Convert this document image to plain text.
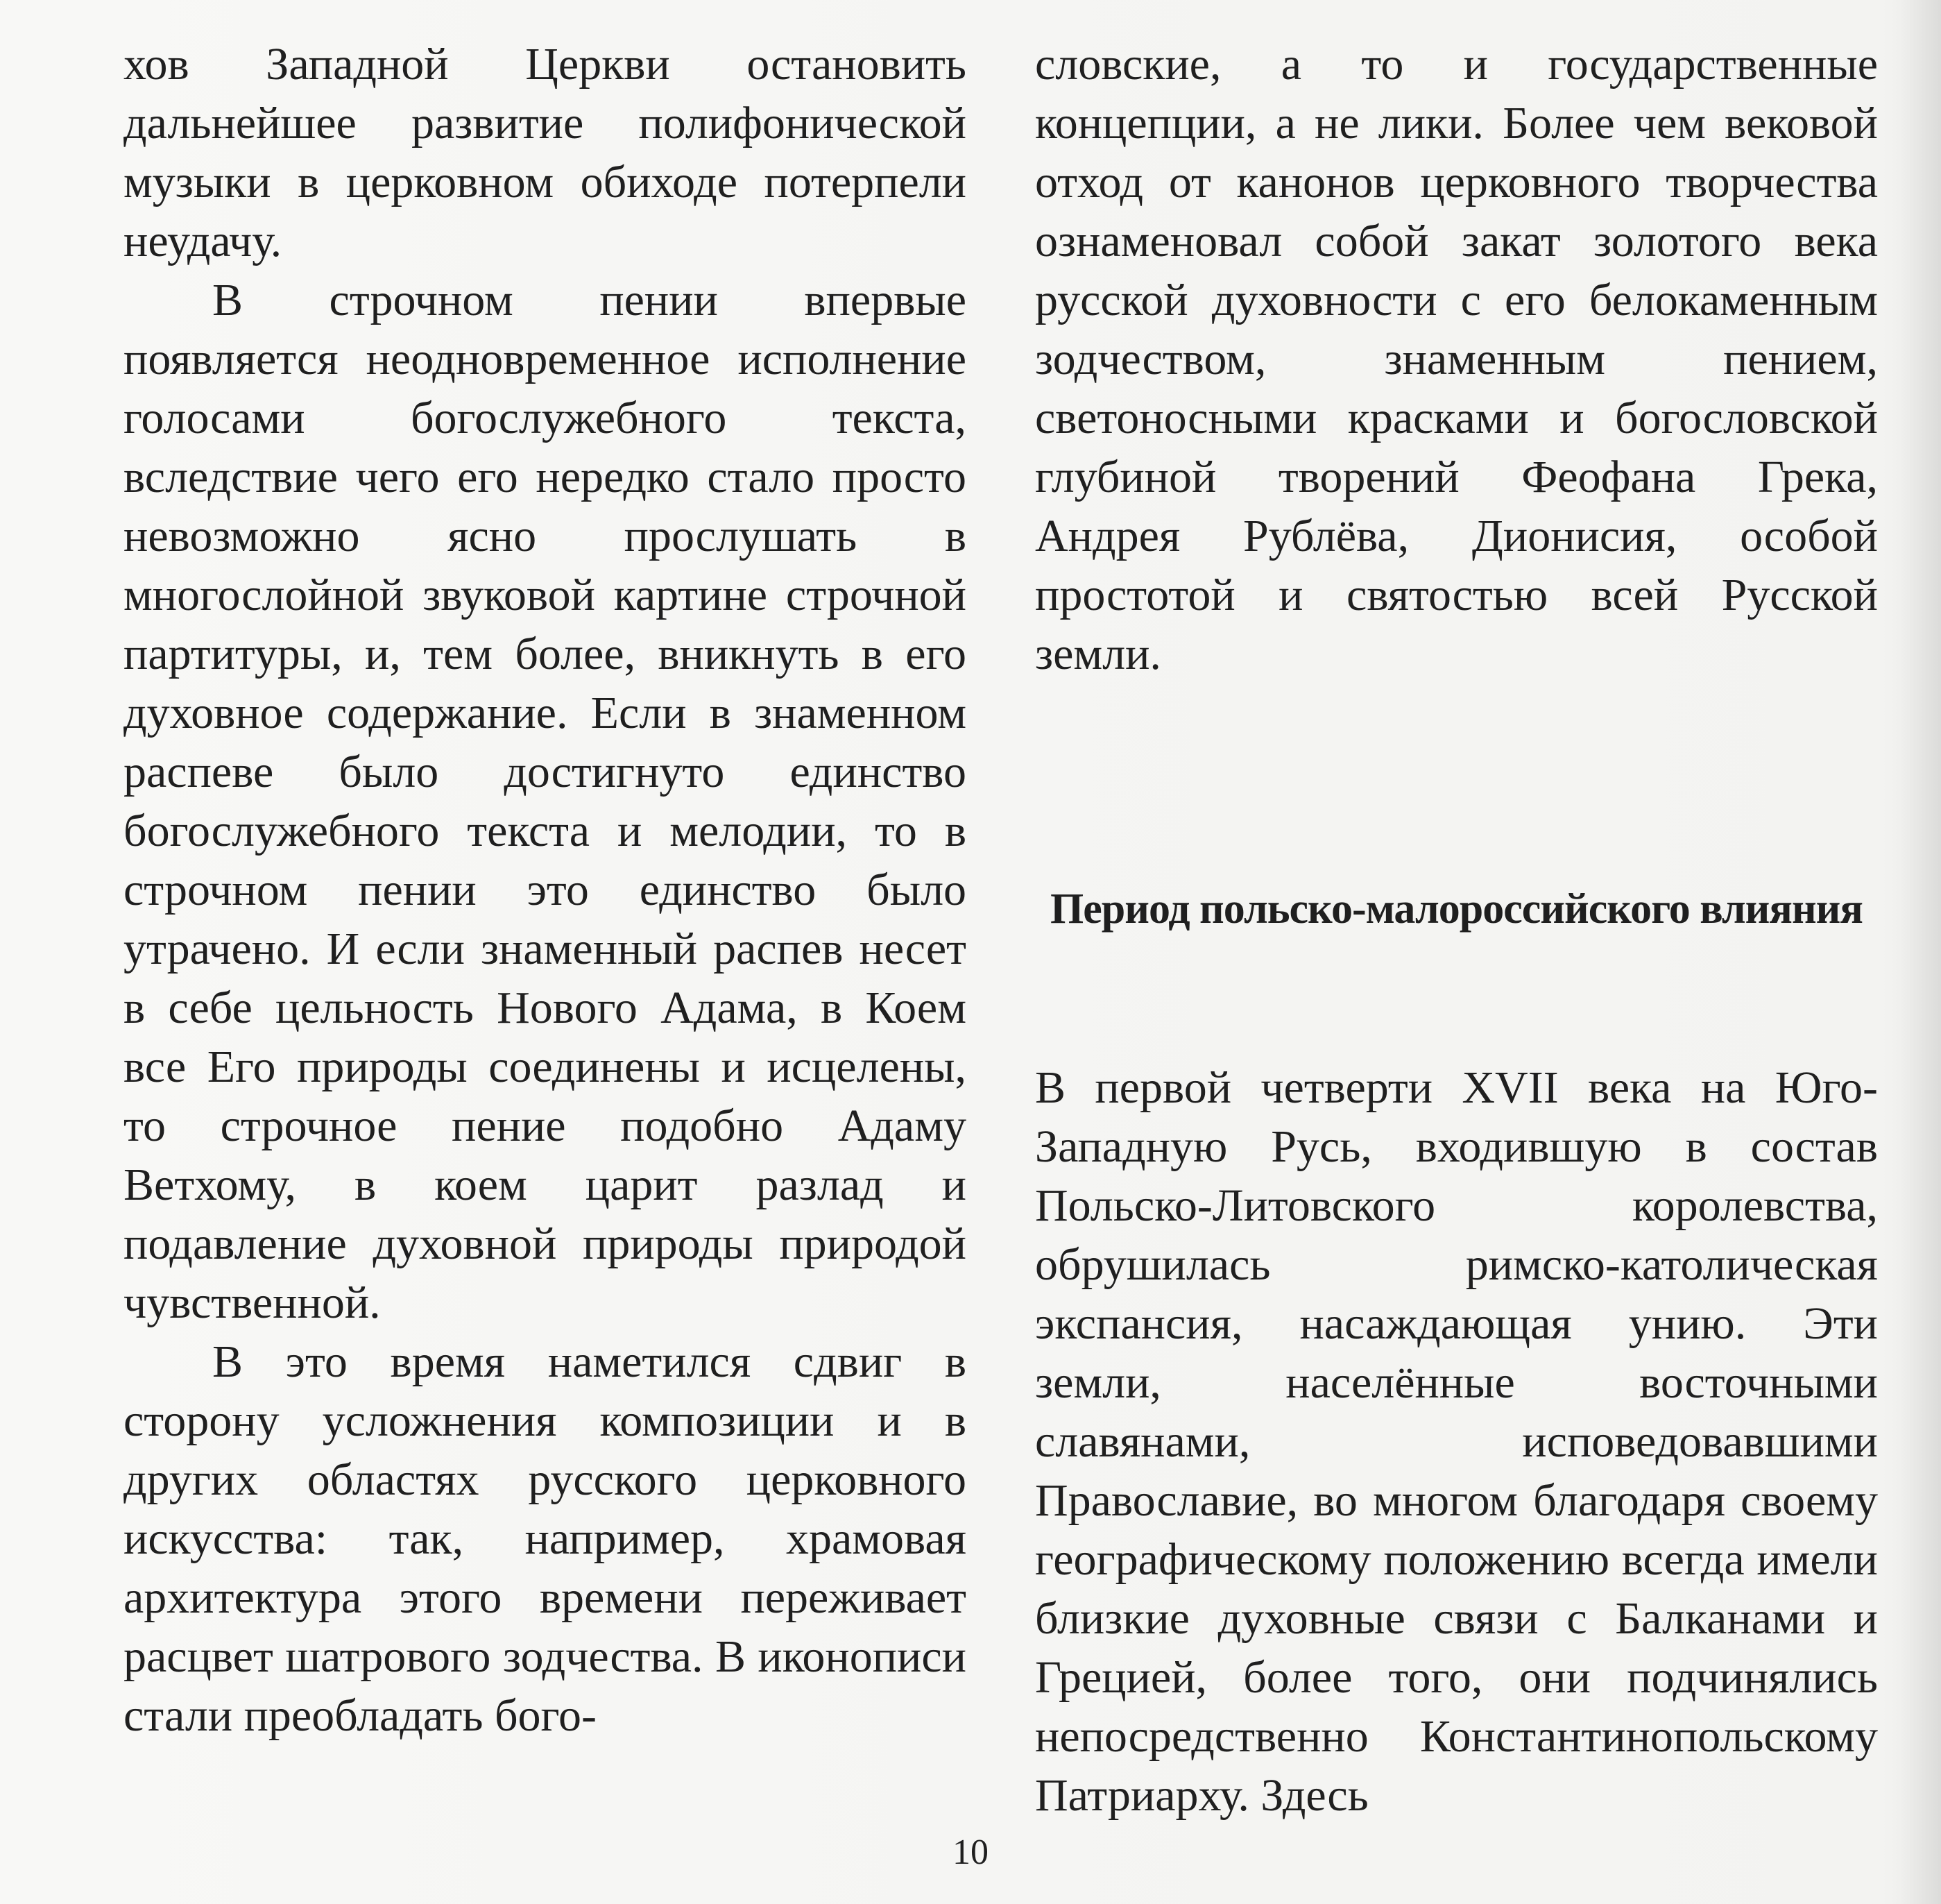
хов Западной Церкви остановить дальнейшее развитие полифонической музыки в церковном обиходе потерпели неудачу.

В строчном пении впервые появляется неодновременное исполнение голосами богослужебного текста, вследствие чего его нередко стало просто невозможно ясно прослушать в многослойной звуковой картине строчной партитуры, и, тем более, вникнуть в его духовное содержание. Если в знаменном распеве было достигнуто единство богослужебного текста и мелодии, то в строчном пении это единство было утрачено. И если знаменный распев несет в себе цельность Нового Адама, в Коем все Его природы соединены и исцелены, то строчное пение подобно Адаму Ветхому, в коем царит разлад и подавление духовной природы природой чувственной.

В это время наметился сдвиг в сторону усложнения композиции и в других областях русского церковного искусства: так, например, храмовая архитектура этого времени переживает расцвет шатрового зодчества. В иконописи стали преобладать бого-

словские, а то и государственные концепции, а не лики. Более чем вековой отход от канонов церковного творчества ознаменовал собой закат золотого века русской духовности с его белокаменным зодчеством, знаменным пением, светоносными красками и богословской глубиной творений Феофана Грека, Андрея Рублёва, Дионисия, особой простотой и святостью всей Русской земли.

Период польско-малороссийского влияния

В первой четверти XVII века на Юго-Западную Русь, входившую в состав Польско-Литовского королевства, обрушилась римско-католическая экспансия, насаждающая унию. Эти земли, населённые восточными славянами, исповедовавшими Православие, во многом благодаря своему географическому положению всегда имели близкие духовные связи с Балканами и Грецией, более того, они подчинялись непосредственно Константинопольскому Патриарху. Здесь

10
